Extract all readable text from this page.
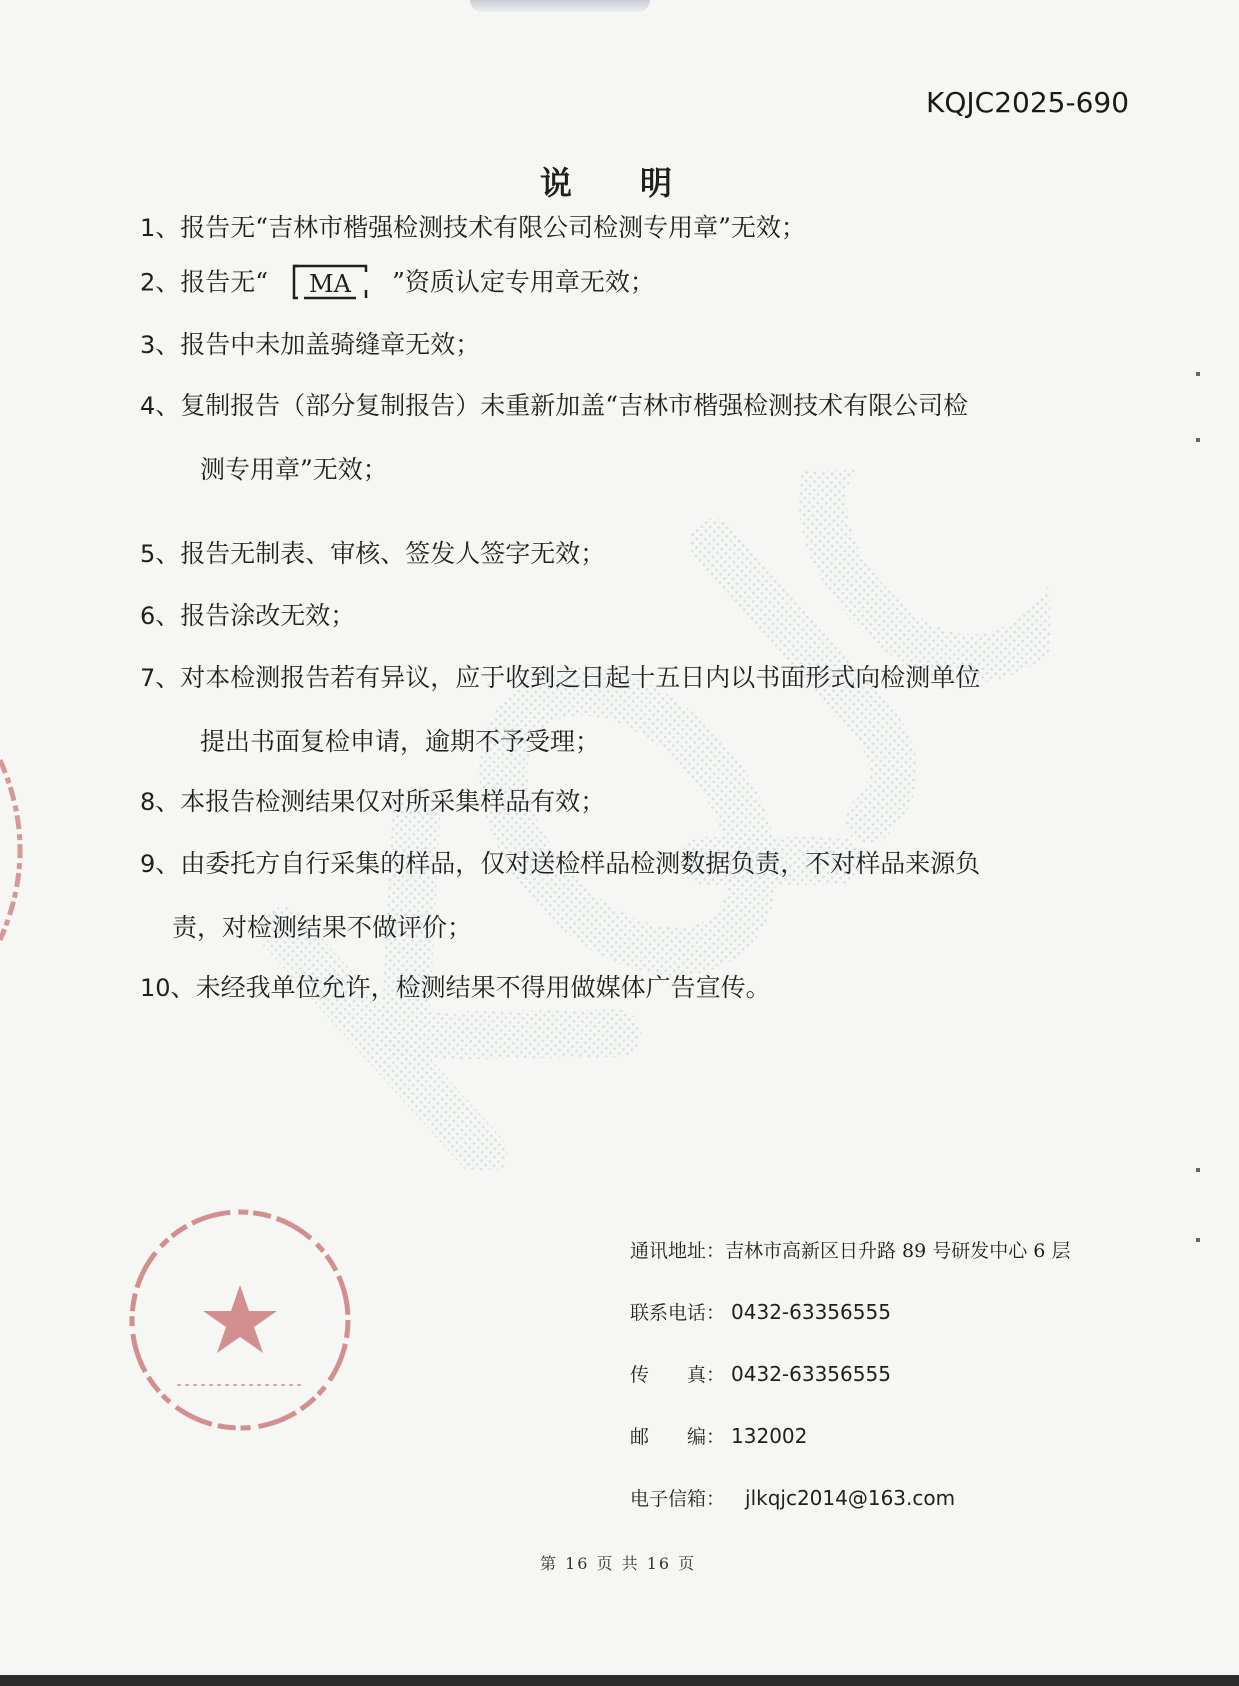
KQJC2025-690
说明
1、报告无“吉林市楷强检测技术有限公司检测专用章”无效；
2、报告无“ MA ”资质认定专用章无效；
3、报告中未加盖骑缝章无效；
4、复制报告（部分复制报告）未重新加盖“吉林市楷强检测技术有限公司检
测专用章”无效；
5、报告无制表、审核、签发人签字无效；
6、报告涂改无效；
7、对本检测报告若有异议，应于收到之日起十五日内以书面形式向检测单位
提出书面复检申请，逾期不予受理；
8、本报告检测结果仅对所采集样品有效；
9、由委托方自行采集的样品，仅对送检样品检测数据负责，不对样品来源负
责，对检测结果不做评价；
10、未经我单位允许，检测结果不得用做媒体广告宣传。
通讯地址：吉林市高新区日升路 89 号研发中心 6 层
联系电话： 0432-63356555
传　　真： 0432-63356555
邮　　编： 132002
电子信箱： jlkqjc2014@163.com
第 16 页 共 16 页
